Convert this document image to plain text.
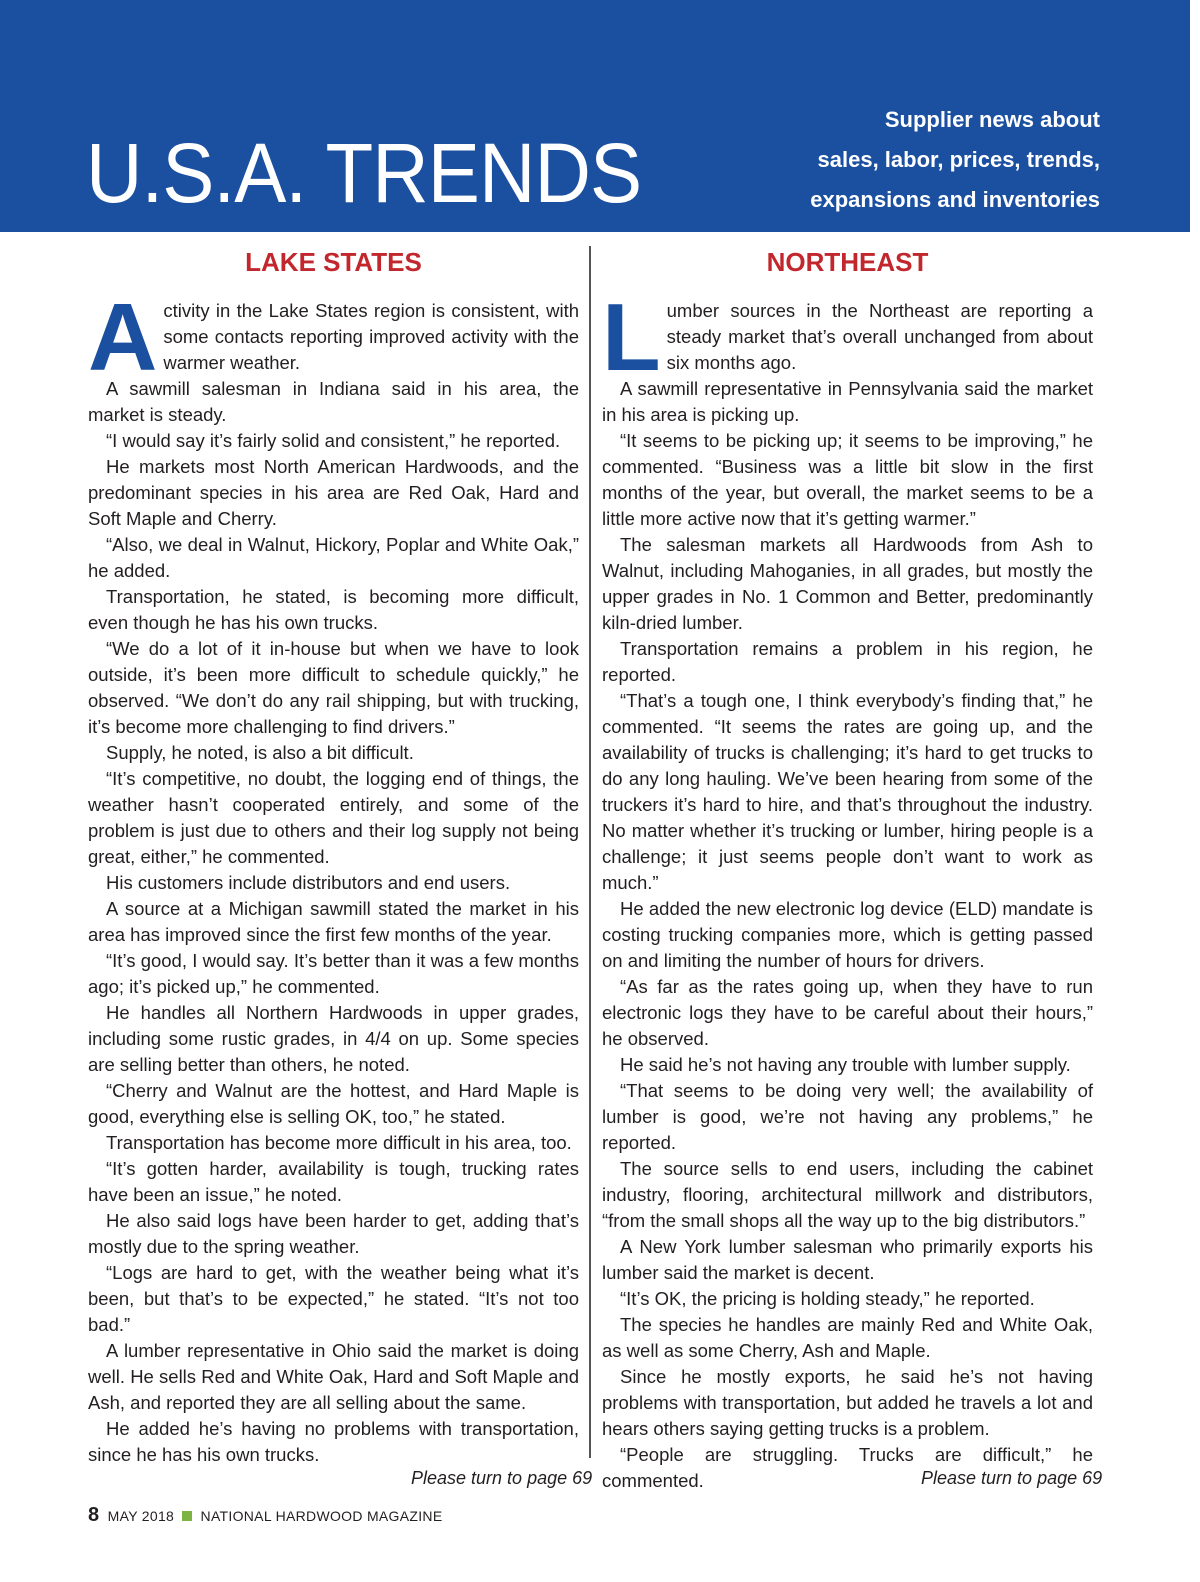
U.S.A. TRENDS
Supplier news about
sales, labor, prices, trends,
expansions and inventories
LAKE STATES

Activity in the Lake States region is consistent, with some contacts reporting improved activity with the warmer weather.

A sawmill salesman in Indiana said in his area, the market is steady.

“I would say it’s fairly solid and consistent,” he reported.

He markets most North American Hardwoods, and the predominant species in his area are Red Oak, Hard and Soft Maple and Cherry.

“Also, we deal in Walnut, Hickory, Poplar and White Oak,” he added.

Transportation, he stated, is becoming more difficult, even though he has his own trucks.

“We do a lot of it in-house but when we have to look outside, it’s been more difficult to schedule quickly,” he observed. “We don’t do any rail shipping, but with trucking, it’s become more challenging to find drivers.”

Supply, he noted, is also a bit difficult.

“It’s competitive, no doubt, the logging end of things, the weather hasn’t cooperated entirely, and some of the problem is just due to others and their log supply not being great, either,” he commented.

His customers include distributors and end users.

A source at a Michigan sawmill stated the market in his area has improved since the first few months of the year.

“It’s good, I would say. It’s better than it was a few months ago; it’s picked up,” he commented.

He handles all Northern Hardwoods in upper grades, including some rustic grades, in 4/4 on up. Some species are selling better than others, he noted.

“Cherry and Walnut are the hottest, and Hard Maple is good, everything else is selling OK, too,” he stated.

Transportation has become more difficult in his area, too.

“It’s gotten harder, availability is tough, trucking rates have been an issue,” he noted.

He also said logs have been harder to get, adding that’s mostly due to the spring weather.

“Logs are hard to get, with the weather being what it’s been, but that’s to be expected,” he stated. “It’s not too bad.”

A lumber representative in Ohio said the market is doing well. He sells Red and White Oak, Hard and Soft Maple and Ash, and reported they are all selling about the same.

He added he’s having no problems with transportation, since he has his own trucks.

NORTHEAST

Lumber sources in the Northeast are reporting a steady market that’s overall unchanged from about six months ago.

A sawmill representative in Pennsylvania said the market in his area is picking up.

“It seems to be picking up; it seems to be improving,” he commented. “Business was a little bit slow in the first months of the year, but overall, the market seems to be a little more active now that it’s getting warmer.”

The salesman markets all Hardwoods from Ash to Walnut, including Mahoganies, in all grades, but mostly the upper grades in No. 1 Common and Better, predominantly kiln-dried lumber.

Transportation remains a problem in his region, he reported.

“That’s a tough one, I think everybody’s finding that,” he commented. “It seems the rates are going up, and the availability of trucks is challenging; it’s hard to get trucks to do any long hauling. We’ve been hearing from some of the truckers it’s hard to hire, and that’s throughout the industry. No matter whether it’s trucking or lumber, hiring people is a challenge; it just seems people don’t want to work as much.”

He added the new electronic log device (ELD) mandate is costing trucking companies more, which is getting passed on and limiting the number of hours for drivers.

“As far as the rates going up, when they have to run electronic logs they have to be careful about their hours,” he observed.

He said he’s not having any trouble with lumber supply.

“That seems to be doing very well; the availability of lumber is good, we’re not having any problems,” he reported.

The source sells to end users, including the cabinet industry, flooring, architectural millwork and distributors, “from the small shops all the way up to the big distributors.”

A New York lumber salesman who primarily exports his lumber said the market is decent.

“It’s OK, the pricing is holding steady,” he reported.

The species he handles are mainly Red and White Oak, as well as some Cherry, Ash and Maple.

Since he mostly exports, he said he’s not having problems with transportation, but added he travels a lot and hears others saying getting trucks is a problem.

“People are struggling. Trucks are difficult,” he commented.

Please turn to page 69	Please turn to page 69
8 MAY 2018 NATIONAL HARDWOOD MAGAZINE
